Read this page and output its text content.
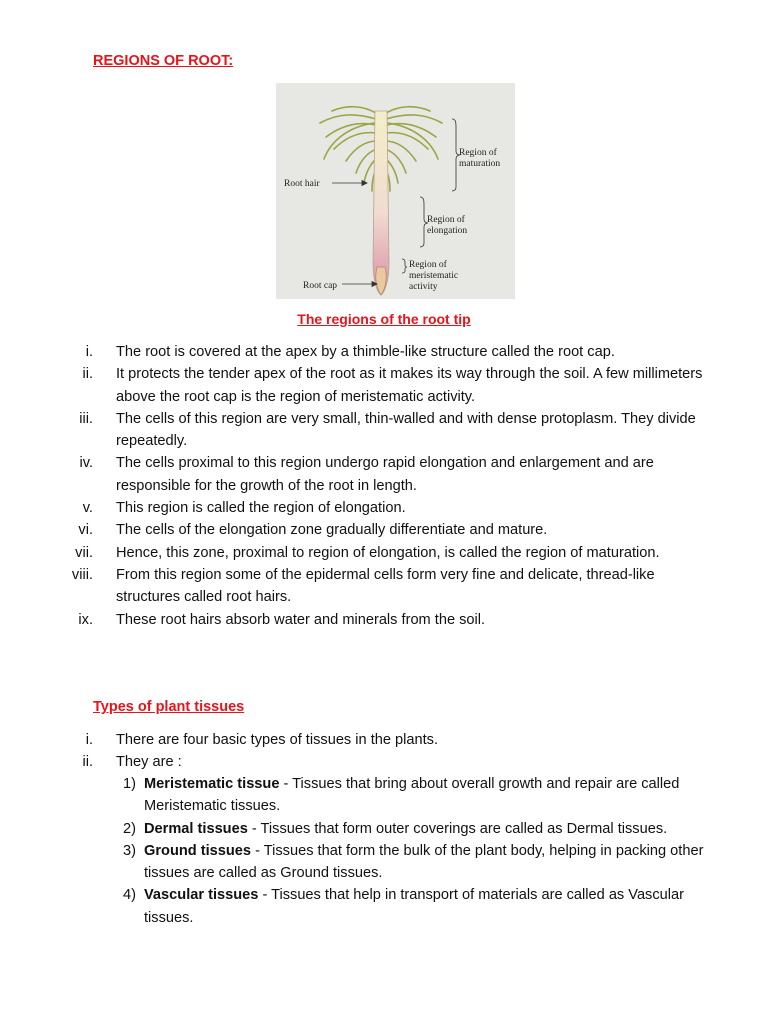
REGIONS OF ROOT:
Region of
maturation
Region of
elongation
Region of
meristematic
activity
Root hair
Root cap
The regions of the root tip
i. The root is covered at the apex by a thimble-like structure called the root cap.
ii. It protects the tender apex of the root as it makes its way through the soil. A few millimeters above the root cap is the region of meristematic activity.
iii. The cells of this region are very small, thin-walled and with dense protoplasm. They divide repeatedly.
iv. The cells proximal to this region undergo rapid elongation and enlargement and are responsible for the growth of the root in length.
v. This region is called the region of elongation.
vi. The cells of the elongation zone gradually differentiate and mature.
vii. Hence, this zone, proximal to region of elongation, is called the region of maturation.
viii. From this region some of the epidermal cells form very fine and delicate, thread-like structures called root hairs.
ix. These root hairs absorb water and minerals from the soil.
Types of plant tissues
i. There are four basic types of tissues in the plants.
ii. They are :
1) Meristematic tissue - Tissues that bring about overall growth and repair are called Meristematic tissues.
2) Dermal tissues - Tissues that form outer coverings are called as Dermal tissues.
3) Ground tissues - Tissues that form the bulk of the plant body, helping in packing other tissues are called as Ground tissues.
4) Vascular tissues - Tissues that help in transport of materials are called as Vascular tissues.
